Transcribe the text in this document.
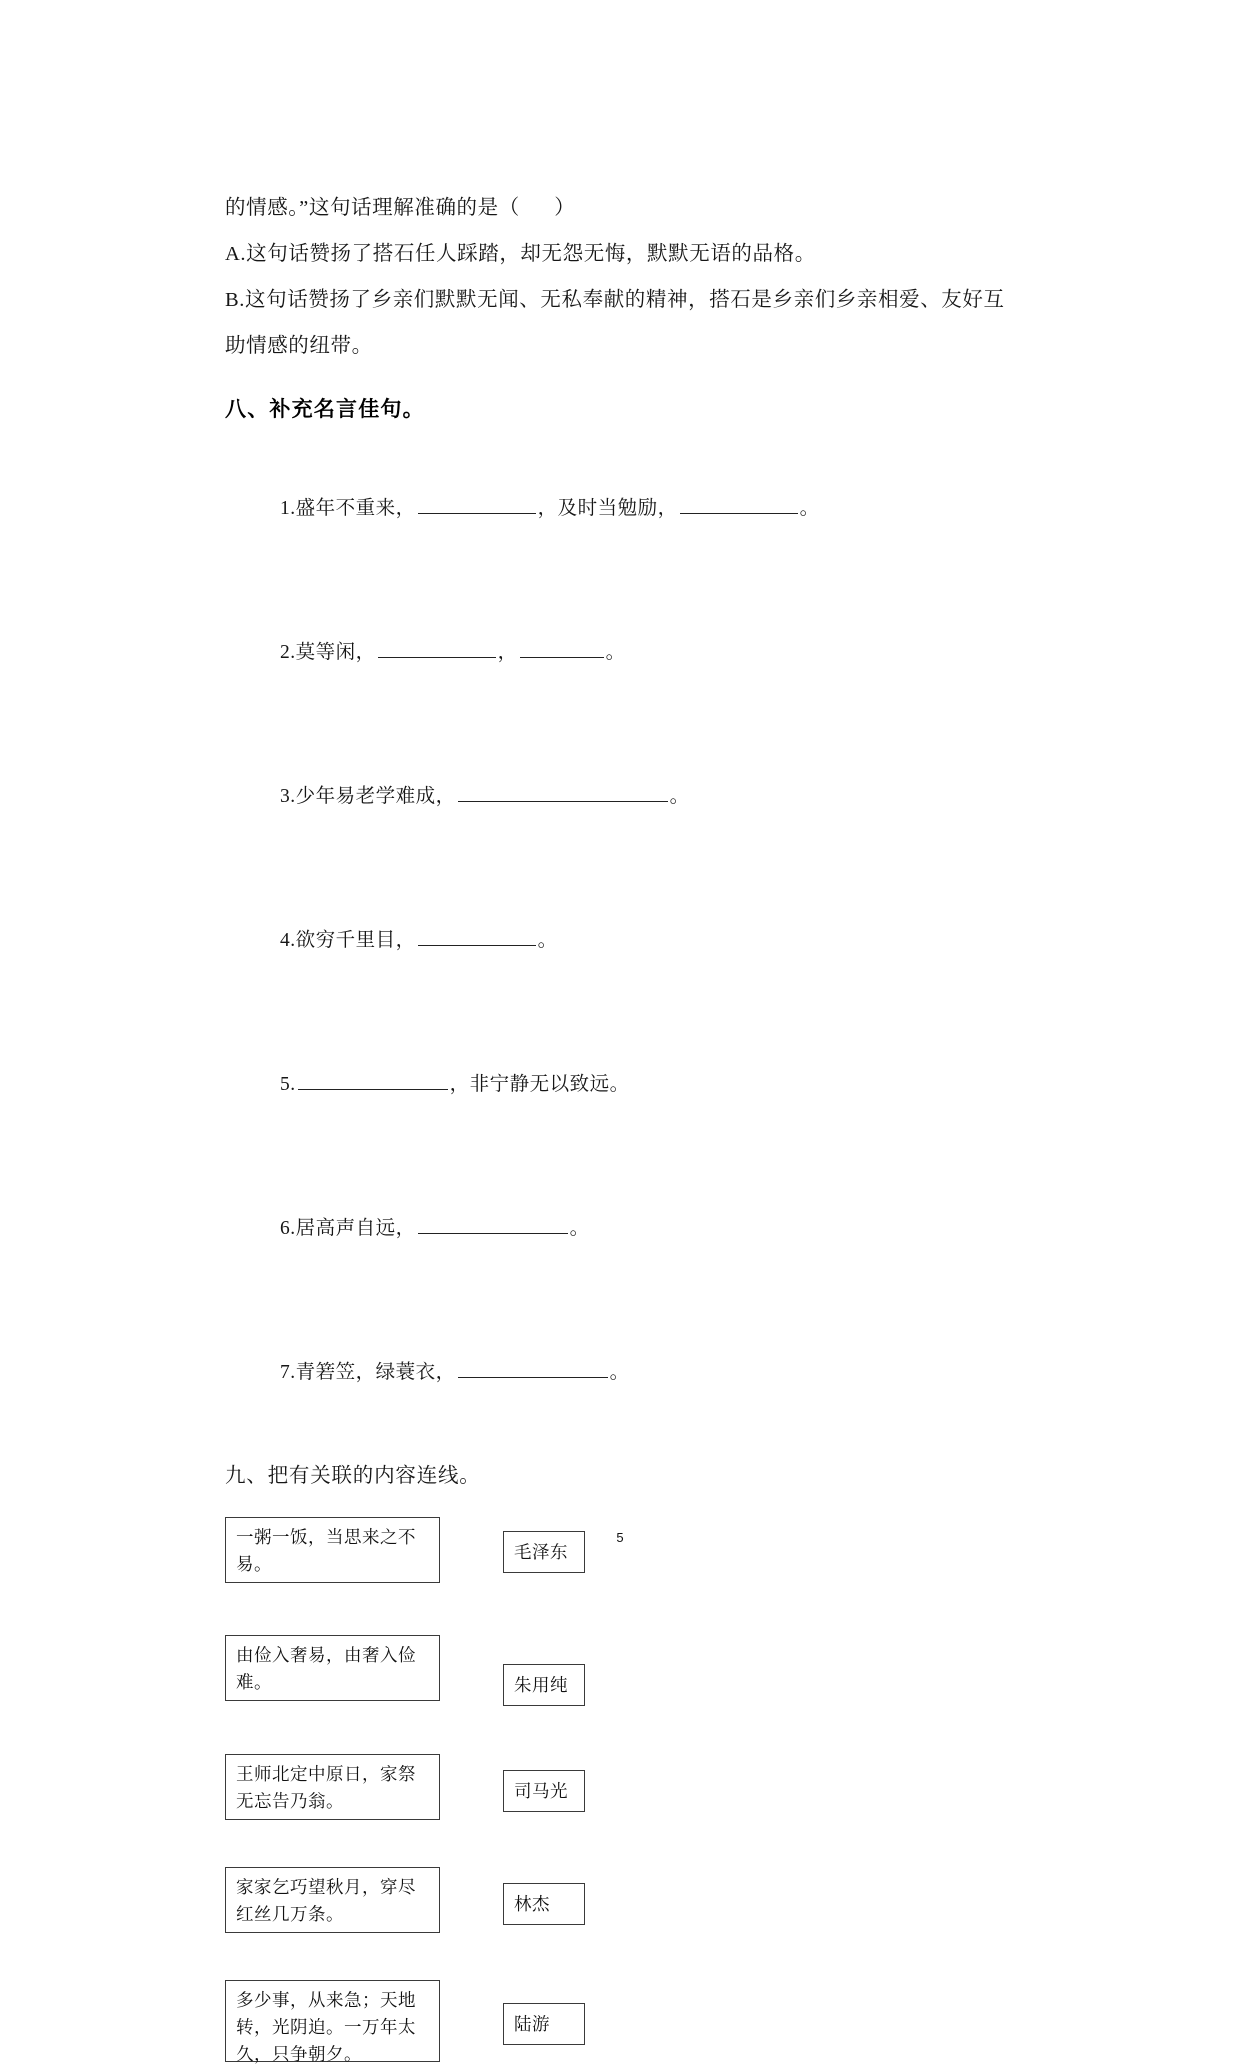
的情感。”这句话理解准确的是（      ）
A.这句话赞扬了搭石任人踩踏，却无怨无悔，默默无语的品格。
B.这句话赞扬了乡亲们默默无闻、无私奉献的精神，搭石是乡亲们乡亲相爱、友好互
助情感的纽带。
八、补充名言佳句。

1.盛年不重来，	，及时当勉励，	。

2.莫等闲，	，	。

3.少年易老学难成，	。

4.欲穷千里目，	。

5.	，非宁静无以致远。

6.居高声自远，	。

7.青箬笠，绿蓑衣，	。

九、把有关联的内容连线。
一粥一饭，当思来之不易。
由俭入奢易，由奢入俭难。
王师北定中原日，家祭无忘告乃翁。
家家乞巧望秋月，穿尽红丝几万条。
多少事，从来急；天地转，光阴迫。一万年太久，只争朝夕。
毛泽东
朱用纯
司马光
林杰
陆游
5
